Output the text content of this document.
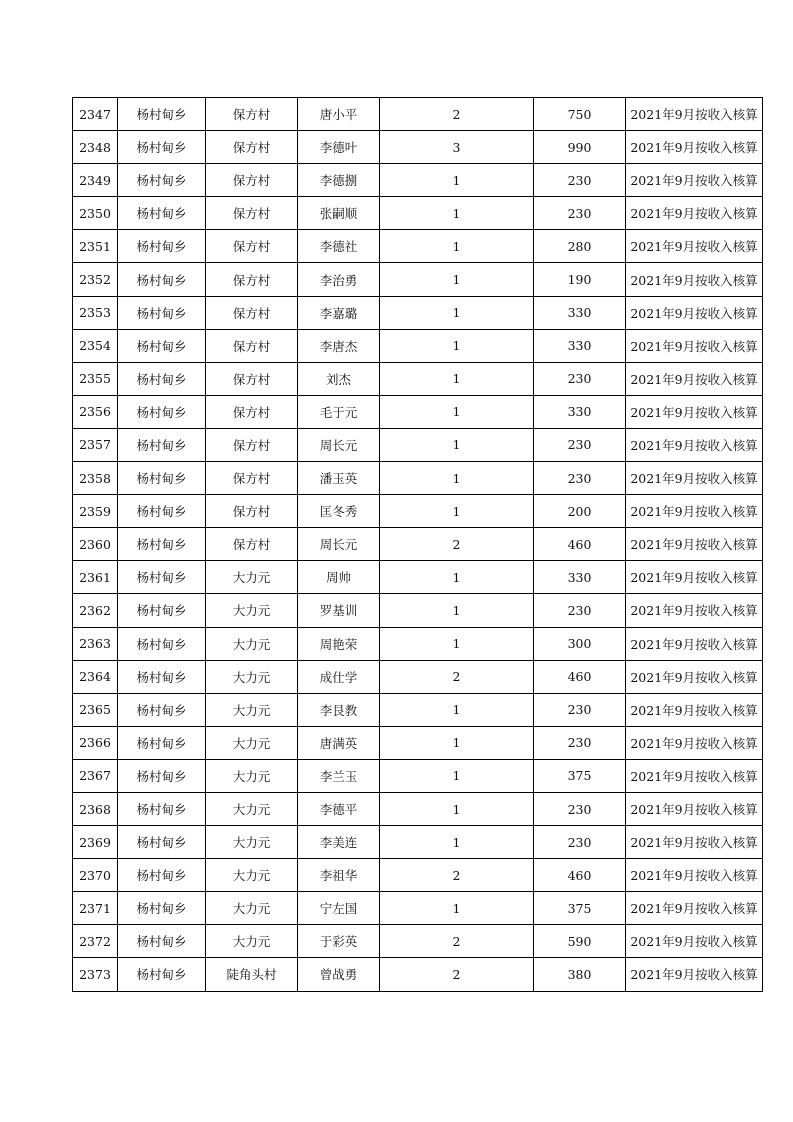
2347	杨村甸乡	保方村	唐小平	2	750	2021年9月按收入核算
2348	杨村甸乡	保方村	李德叶	3	990	2021年9月按收入核算
2349	杨村甸乡	保方村	李德捌	1	230	2021年9月按收入核算
2350	杨村甸乡	保方村	张嗣顺	1	230	2021年9月按收入核算
2351	杨村甸乡	保方村	李德社	1	280	2021年9月按收入核算
2352	杨村甸乡	保方村	李治勇	1	190	2021年9月按收入核算
2353	杨村甸乡	保方村	李嘉璐	1	330	2021年9月按收入核算
2354	杨村甸乡	保方村	李唐杰	1	330	2021年9月按收入核算
2355	杨村甸乡	保方村	刘杰	1	230	2021年9月按收入核算
2356	杨村甸乡	保方村	毛于元	1	330	2021年9月按收入核算
2357	杨村甸乡	保方村	周长元	1	230	2021年9月按收入核算
2358	杨村甸乡	保方村	潘玉英	1	230	2021年9月按收入核算
2359	杨村甸乡	保方村	匡冬秀	1	200	2021年9月按收入核算
2360	杨村甸乡	保方村	周长元	2	460	2021年9月按收入核算
2361	杨村甸乡	大力元	周帅	1	330	2021年9月按收入核算
2362	杨村甸乡	大力元	罗基训	1	230	2021年9月按收入核算
2363	杨村甸乡	大力元	周艳荣	1	300	2021年9月按收入核算
2364	杨村甸乡	大力元	成仕学	2	460	2021年9月按收入核算
2365	杨村甸乡	大力元	李艮教	1	230	2021年9月按收入核算
2366	杨村甸乡	大力元	唐满英	1	230	2021年9月按收入核算
2367	杨村甸乡	大力元	李兰玉	1	375	2021年9月按收入核算
2368	杨村甸乡	大力元	李德平	1	230	2021年9月按收入核算
2369	杨村甸乡	大力元	李美连	1	230	2021年9月按收入核算
2370	杨村甸乡	大力元	李祖华	2	460	2021年9月按收入核算
2371	杨村甸乡	大力元	宁左国	1	375	2021年9月按收入核算
2372	杨村甸乡	大力元	于彩英	2	590	2021年9月按收入核算
2373	杨村甸乡	陡角头村	曾战勇	2	380	2021年9月按收入核算
